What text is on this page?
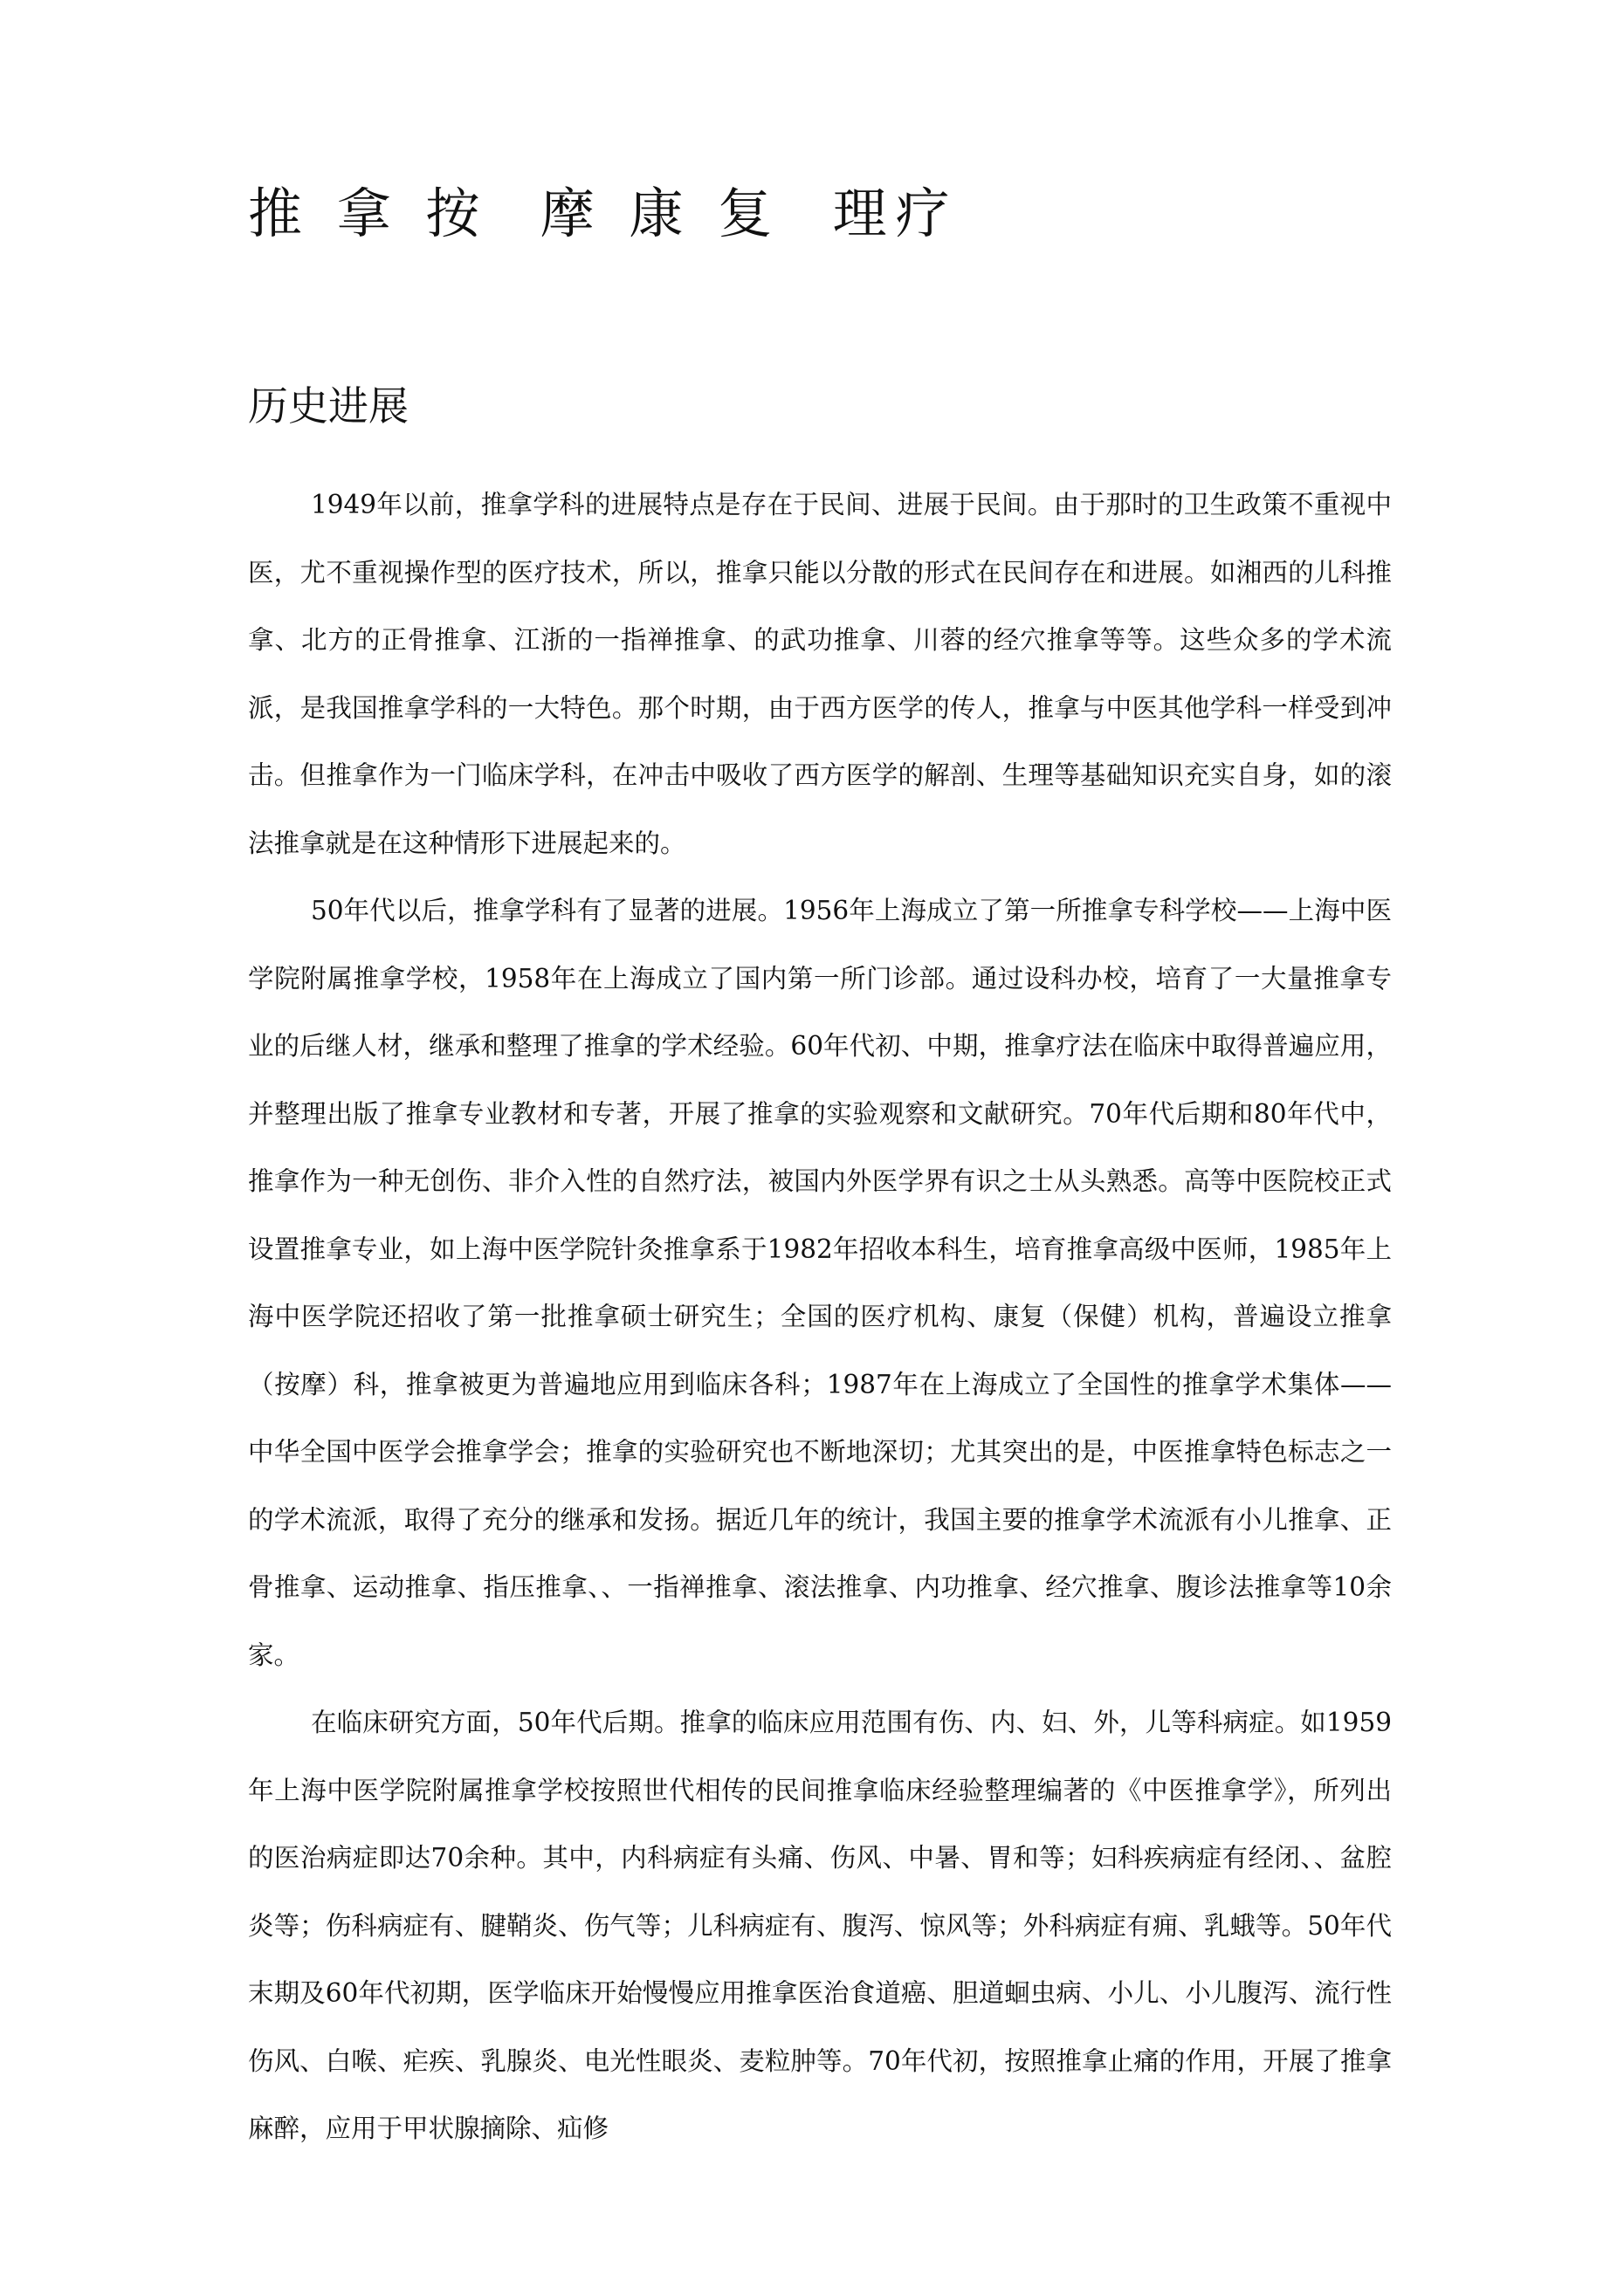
推 拿 按  摩 康 复  理疗
历史进展

1949年以前，推拿学科的进展特点是存在于民间、进展于民间。由于那时的卫生政策不重视中医，尤不重视操作型的医疗技术，所以，推拿只能以分散的形式在民间存在和进展。如湘西的儿科推拿、北方的正骨推拿、江浙的一指禅推拿、的武功推拿、川蓉的经穴推拿等等。这些众多的学术流派，是我国推拿学科的一大特色。那个时期，由于西方医学的传人，推拿与中医其他学科一样受到冲击。但推拿作为一门临床学科，在冲击中吸收了西方医学的解剖、生理等基础知识充实自身，如的滚法推拿就是在这种情形下进展起来的。

50年代以后，推拿学科有了显著的进展。1956年上海成立了第一所推拿专科学校——上海中医学院附属推拿学校，1958年在上海成立了国内第一所门诊部。通过设科办校，培育了一大量推拿专业的后继人材，继承和整理了推拿的学术经验。60年代初、中期，推拿疗法在临床中取得普遍应用，并整理出版了推拿专业教材和专著，开展了推拿的实验观察和文献研究。70年代后期和80年代中，推拿作为一种无创伤、非介入性的自然疗法，被国内外医学界有识之士从头熟悉。高等中医院校正式设置推拿专业，如上海中医学院针灸推拿系于1982年招收本科生，培育推拿高级中医师，1985年上海中医学院还招收了第一批推拿硕士研究生；全国的医疗机构、康复（保健）机构，普遍设立推拿（按摩）科，推拿被更为普遍地应用到临床各科；1987年在上海成立了全国性的推拿学术集体——中华全国中医学会推拿学会；推拿的实验研究也不断地深切；尤其突出的是，中医推拿特色标志之一的学术流派，取得了充分的继承和发扬。据近几年的统计，我国主要的推拿学术流派有小儿推拿、正骨推拿、运动推拿、指压推拿、、一指禅推拿、滚法推拿、内功推拿、经穴推拿、腹诊法推拿等10余家。

在临床研究方面，50年代后期。推拿的临床应用范围有伤、内、妇、外，儿等科病症。如1959年上海中医学院附属推拿学校按照世代相传的民间推拿临床经验整理编著的《中医推拿学》，所列出的医治病症即达70余种。其中，内科病症有头痛、伤风、中暑、胃和等；妇科疾病症有经闭、、盆腔炎等；伤科病症有、腱鞘炎、伤气等；儿科病症有、腹泻、惊风等；外科病症有痈、乳蛾等。50年代末期及60年代初期，医学临床开始慢慢应用推拿医治食道癌、胆道蛔虫病、小儿、小儿腹泻、流行性伤风、白喉、疟疾、乳腺炎、电光性眼炎、麦粒肿等。70年代初，按照推拿止痛的作用，开展了推拿麻醉，应用于甲状腺摘除、疝修
